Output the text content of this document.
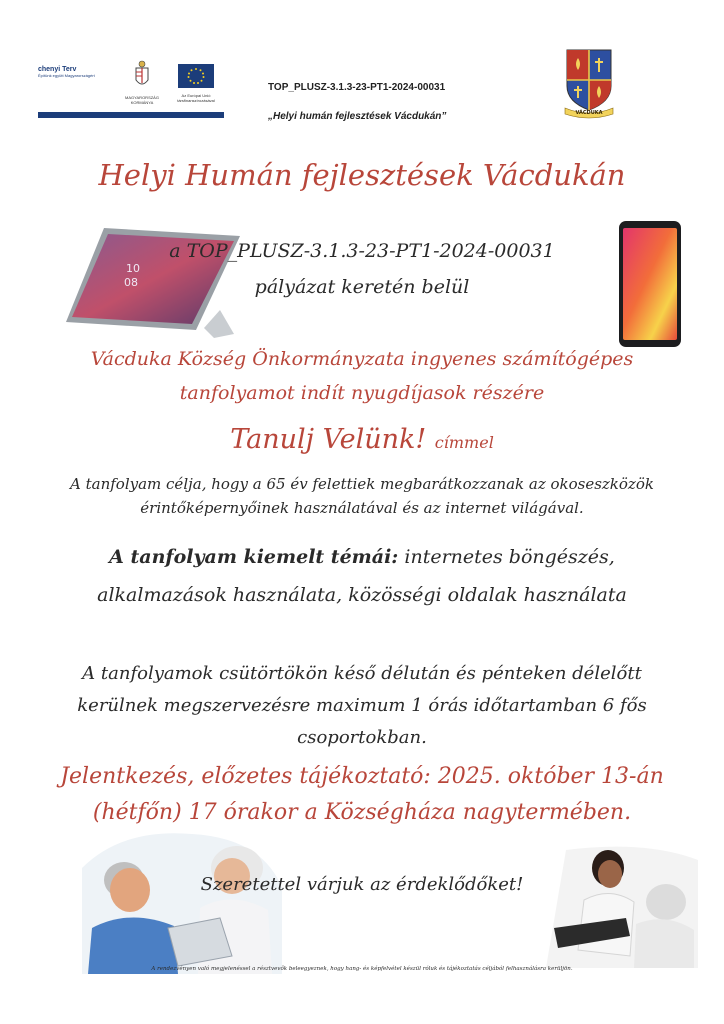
chenyi Terv
Építünk együtt Magyarországért
MAGYARORSZÁG KORMÁNYA
Az Európai Unió társfinanszírozásával
TOP_PLUSZ-3.1.3-23-PT1-2024-00031
„Helyi humán fejlesztések Vácdukán”	VÁCDUKA
Helyi Humán fejlesztések Vácdukán
10
08
a TOP_PLUSZ-3.1.3-23-PT1-2024-00031
pályázat keretén belül
Vácduka Község Önkormányzata ingyenes számítógépes
tanfolyamot indít nyugdíjasok részére
Tanulj Velünk! címmel
A tanfolyam célja, hogy a 65 év felettiek megbarátkozzanak az okoseszközök
érintőképernyőinek használatával és az internet világával.
A tanfolyam kiemelt témái: internetes böngészés,
alkalmazások használata, közösségi oldalak használata
A tanfolyamok csütörtökön késő délután és pénteken délelőtt
kerülnek megszervezésre maximum 1 órás időtartamban 6 fős
csoportokban.
Jelentkezés, előzetes tájékoztató: 2025. október 13-án
(hétfőn) 17 órakor a Községháza nagytermében.
Szeretettel várjuk az érdeklődőket!
A rendezvényen való megjelenéssel a résztvevők beleegyeznek, hogy hang- és képfelvétel készül róluk és tájékoztatás céljából felhasználásra kerüljön.
